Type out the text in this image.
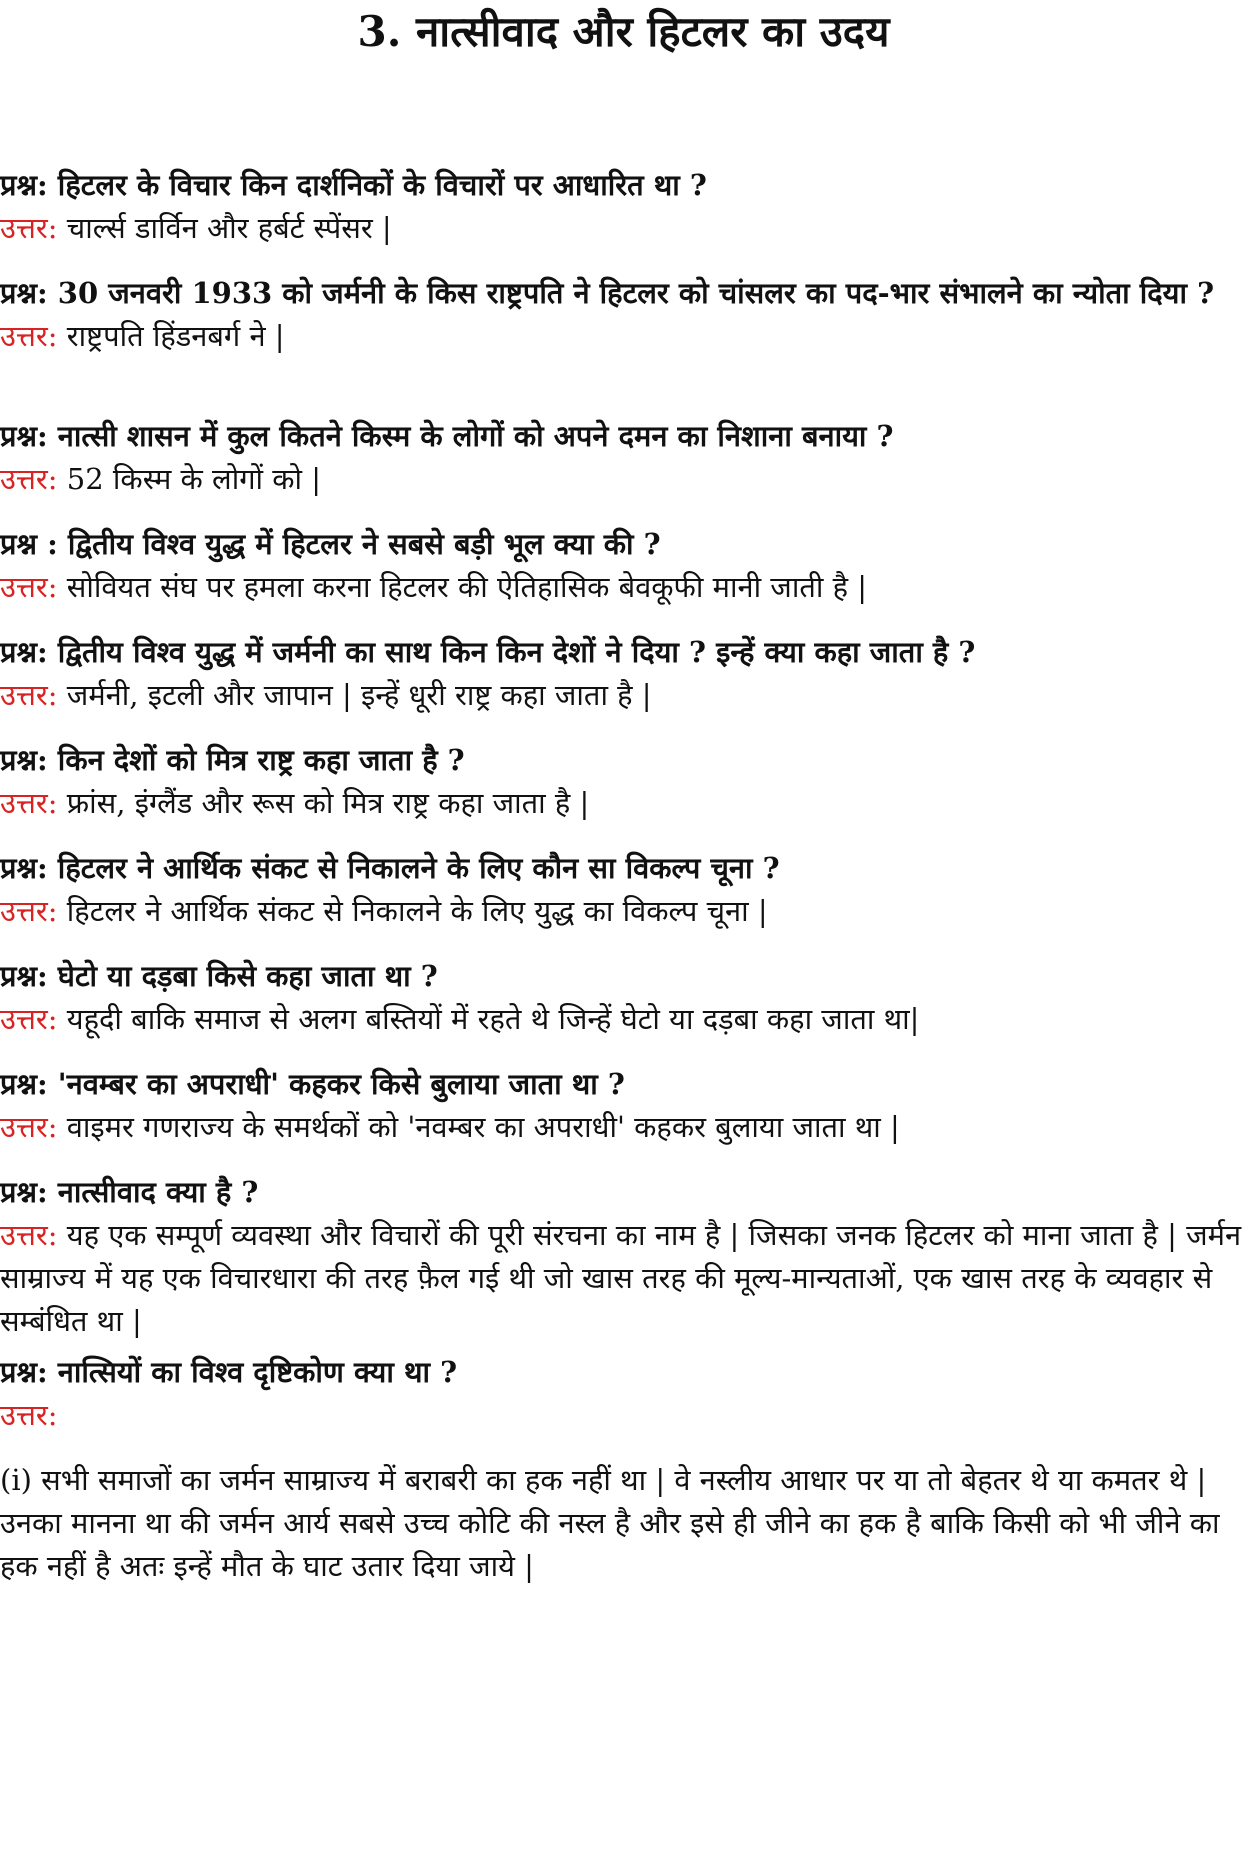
3. नात्सीवाद और हिटलर का उदय

प्रश्न: हिटलर के विचार किन दार्शनिकों के विचारों पर आधारित था ?

उत्तर: चार्ल्स डार्विन और हर्बर्ट स्पेंसर |

प्रश्न: 30 जनवरी 1933 को जर्मनी के किस राष्ट्रपति ने हिटलर को चांसलर का पद-भार संभालने का न्योता दिया ?

उत्तर: राष्ट्रपति हिंडनबर्ग ने |

प्रश्न: नात्सी शासन में कुल कितने किस्म के लोगों को अपने दमन का निशाना बनाया ?

उत्तर: 52 किस्म के लोगों को |

प्रश्न : द्वितीय विश्व युद्ध में हिटलर ने सबसे बड़ी भूल क्या की ?

उत्तर: सोवियत संघ पर हमला करना हिटलर की ऐतिहासिक बेवकूफी मानी जाती है |

प्रश्न: द्वितीय विश्व युद्ध में जर्मनी का साथ किन किन देशों ने दिया ? इन्हें क्या कहा जाता है ?

उत्तर: जर्मनी, इटली और जापान | इन्हें धूरी राष्ट्र कहा जाता है |

प्रश्न: किन देशों को मित्र राष्ट्र कहा जाता है ?

उत्तर: फ्रांस, इंग्लैंड और रूस को मित्र राष्ट्र कहा जाता है |

प्रश्न: हिटलर ने आर्थिक संकट से निकालने के लिए कौन सा विकल्प चूना ?

उत्तर: हिटलर ने आर्थिक संकट से निकालने के लिए युद्ध का विकल्प चूना |

प्रश्न: घेटो या दड़बा किसे कहा जाता था ?

उत्तर: यहूदी बाकि समाज से अलग बस्तियों में रहते थे जिन्हें घेटो या दड़बा कहा जाता था|

प्रश्न: 'नवम्बर का अपराधी' कहकर किसे बुलाया जाता था ?

उत्तर: वाइमर गणराज्य के समर्थकों को 'नवम्बर का अपराधी' कहकर बुलाया जाता था |

प्रश्न: नात्सीवाद क्या है ?

उत्तर: यह एक सम्पूर्ण व्यवस्था और विचारों की पूरी संरचना का नाम है | जिसका जनक हिटलर को माना जाता है | जर्मन साम्राज्य में यह एक विचारधारा की तरह फ़ैल गई थी जो खास तरह की मूल्य-मान्यताओं, एक खास तरह के व्यवहार से सम्बंधित था |

प्रश्न: नात्सियों का विश्व दृष्टिकोण क्या था ?

उत्तर:

(i) सभी समाजों का जर्मन साम्राज्य में बराबरी का हक नहीं था | वे नस्लीय आधार पर या तो बेहतर थे या कमतर थे | उनका मानना था की जर्मन आर्य सबसे उच्च कोटि की नस्ल है और इसे ही जीने का हक है बाकि किसी को भी जीने का हक नहीं है अतः इन्हें मौत के घाट उतार दिया जाये |
